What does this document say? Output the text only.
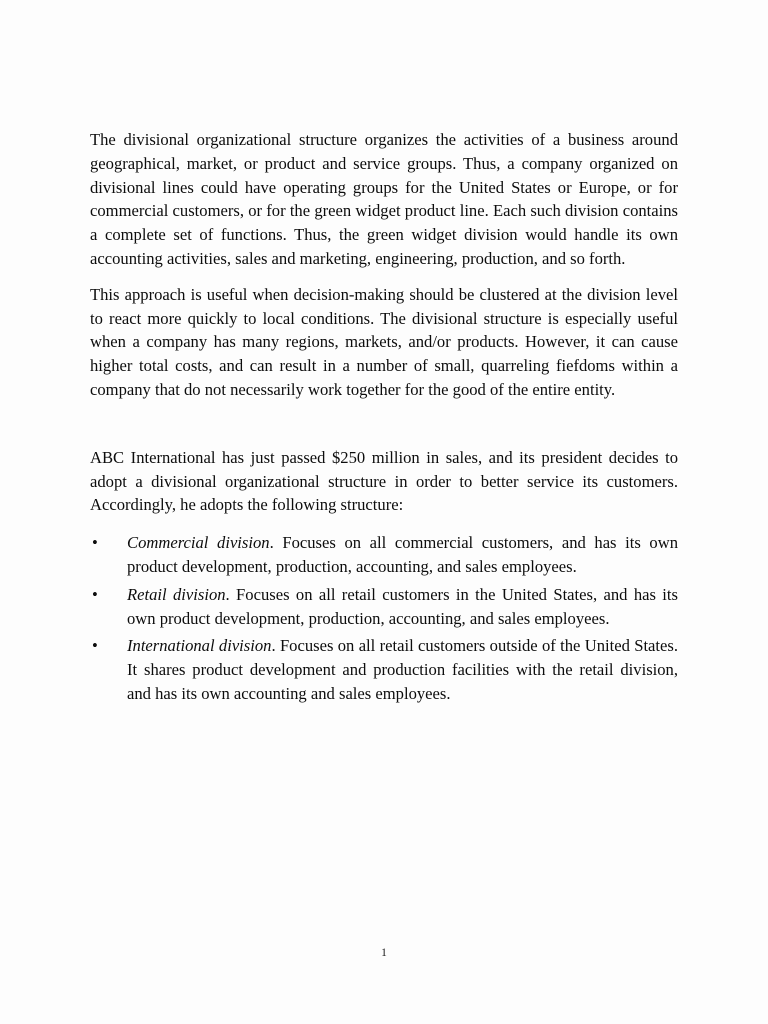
The divisional organizational structure organizes the activities of a business around geographical, market, or product and service groups. Thus, a company organized on divisional lines could have operating groups for the United States or Europe, or for commercial customers, or for the green widget product line. Each such division contains a complete set of functions. Thus, the green widget division would handle its own accounting activities, sales and marketing, engineering, production, and so forth.

This approach is useful when decision-making should be clustered at the division level to react more quickly to local conditions. The divisional structure is especially useful when a company has many regions, markets, and/or products. However, it can cause higher total costs, and can result in a number of small, quarreling fiefdoms within a company that do not necessarily work together for the good of the entire entity.

ABC International has just passed $250 million in sales, and its president decides to adopt a divisional organizational structure in order to better service its customers. Accordingly, he adopts the following structure:

•	Commercial division. Focuses on all commercial customers, and has its own product development, production, accounting, and sales employees.
•	Retail division. Focuses on all retail customers in the United States, and has its own product development, production, accounting, and sales employees.
•	International division. Focuses on all retail customers outside of the United States. It shares product development and production facilities with the retail division, and has its own accounting and sales employees.
1
